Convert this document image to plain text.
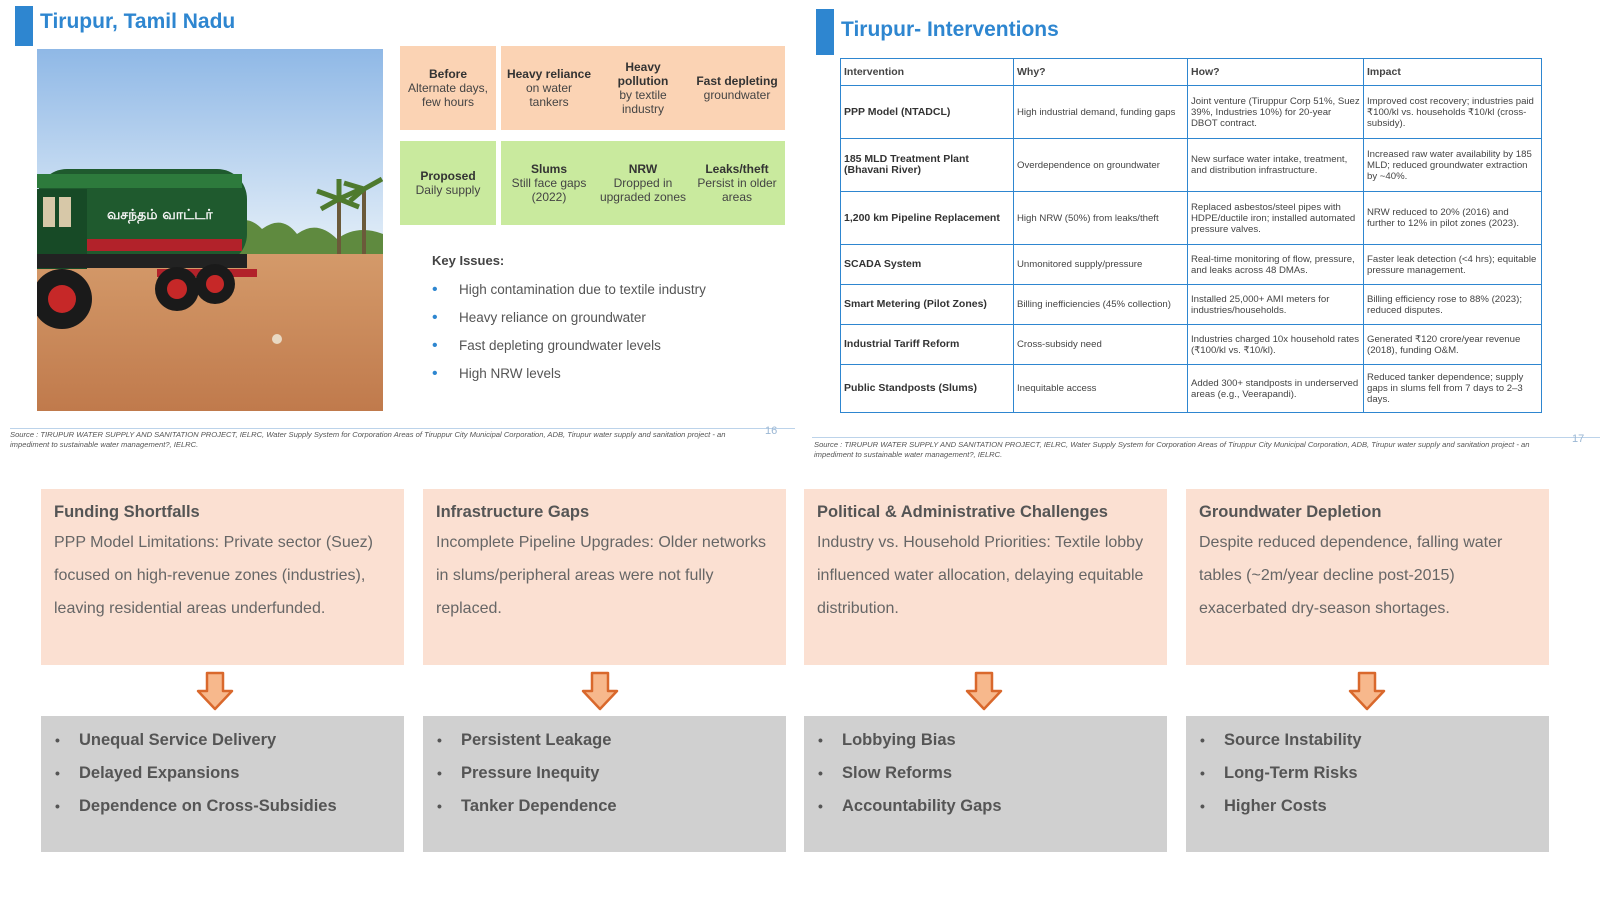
Tirupur, Tamil Nadu
வசந்தம் வாட்டர்
Before
Alternate days, few hours
Heavy reliance
on water tankers
Heavy pollution
by textile industry
Fast depleting
groundwater
Proposed
Daily supply
Slums
Still face gaps (2022)
NRW
Dropped in upgraded zones
Leaks/theft
Persist in older areas
Key Issues:
• High contamination due to textile industry
• Heavy reliance on groundwater
• Fast depleting groundwater levels
• High NRW levels
Source : TIRUPUR WATER SUPPLY AND SANITATION PROJECT, IELRC, Water Supply System for Corporation Areas of Tiruppur City Municipal Corporation, ADB, Tirupur water supply and sanitation project - an impediment to sustainable water management?, IELRC.
16
Tirupur- Interventions
Intervention	Why?	How?	Impact
PPP Model (NTADCL)	High industrial demand, funding gaps	Joint venture (Tiruppur Corp 51%, Suez 39%, Industries 10%) for 20-year DBOT contract.	Improved cost recovery; industries paid ₹100/kl vs. households ₹10/kl (cross-subsidy).
185 MLD Treatment Plant (Bhavani River)	Overdependence on groundwater	New surface water intake, treatment, and distribution infrastructure.	Increased raw water availability by 185 MLD; reduced groundwater extraction by ~40%.
1,200 km Pipeline Replacement	High NRW (50%) from leaks/theft	Replaced asbestos/steel pipes with HDPE/ductile iron; installed automated pressure valves.	NRW reduced to 20% (2016) and further to 12% in pilot zones (2023).
SCADA System	Unmonitored supply/pressure	Real-time monitoring of flow, pressure, and leaks across 48 DMAs.	Faster leak detection (<4 hrs); equitable pressure management.
Smart Metering (Pilot Zones)	Billing inefficiencies (45% collection)	Installed 25,000+ AMI meters for industries/households.	Billing efficiency rose to 88% (2023); reduced disputes.
Industrial Tariff Reform	Cross-subsidy need	Industries charged 10x household rates (₹100/kl vs. ₹10/kl).	Generated ₹120 crore/year revenue (2018), funding O&M.
Public Standposts (Slums)	Inequitable access	Added 300+ standposts in underserved areas (e.g., Veerapandi).	Reduced tanker dependence; supply gaps in slums fell from 7 days to 2–3 days.
Source : TIRUPUR WATER SUPPLY AND SANITATION PROJECT, IELRC, Water Supply System for Corporation Areas of Tiruppur City Municipal Corporation, ADB, Tirupur water supply and sanitation project - an impediment to sustainable water management?, IELRC.
17
Funding Shortfalls
PPP Model Limitations: Private sector (Suez) focused on high-revenue zones (industries), leaving residential areas underfunded.
• Unequal Service Delivery
• Delayed Expansions
• Dependence on Cross-Subsidies
Infrastructure Gaps
Incomplete Pipeline Upgrades: Older networks in slums/peripheral areas were not fully replaced.
• Persistent Leakage
• Pressure Inequity
• Tanker Dependence
Political & Administrative Challenges
Industry vs. Household Priorities: Textile lobby influenced water allocation, delaying equitable distribution.
• Lobbying Bias
• Slow Reforms
• Accountability Gaps
Groundwater Depletion
Despite reduced dependence, falling water tables (~2m/year decline post-2015) exacerbated dry-season shortages.
• Source Instability
• Long-Term Risks
• Higher Costs
